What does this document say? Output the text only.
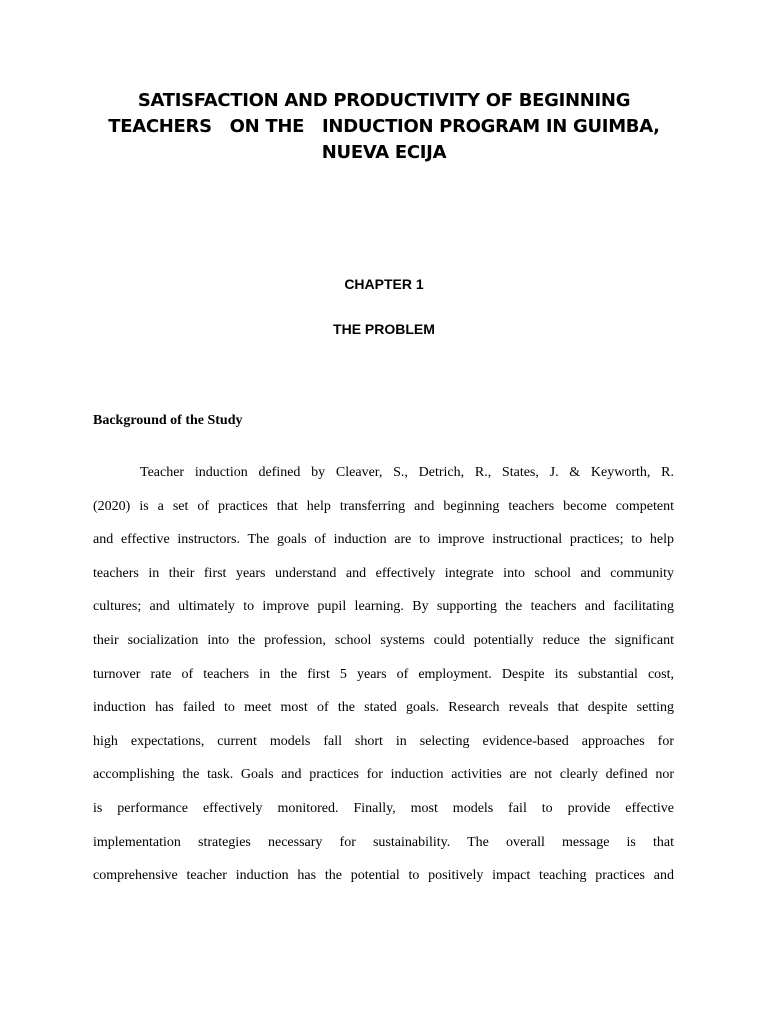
SATISFACTION AND PRODUCTIVITY OF BEGINNING
TEACHERS   ON THE   INDUCTION PROGRAM IN GUIMBA,
NUEVA ECIJA
CHAPTER 1
THE PROBLEM
Background of the Study
Teacher induction defined by Cleaver, S., Detrich, R., States, J. & Keyworth, R.
(2020) is a set of practices that help transferring and beginning teachers become competent
and effective instructors. The goals of induction are to improve instructional practices; to help
teachers in their first years understand and effectively integrate into school and community
cultures; and ultimately to improve pupil learning. By supporting the teachers and facilitating
their socialization into the profession, school systems could potentially reduce the significant
turnover rate of teachers in the first 5 years of employment. Despite its substantial cost,
induction has failed to meet most of the stated goals. Research reveals that despite setting
high expectations, current models fall short in selecting evidence-based approaches for
accomplishing the task. Goals and practices for induction activities are not clearly defined nor
is performance effectively monitored. Finally, most models fail to provide effective
implementation strategies necessary for sustainability. The overall message is that
comprehensive teacher induction has the potential to positively impact teaching practices and
